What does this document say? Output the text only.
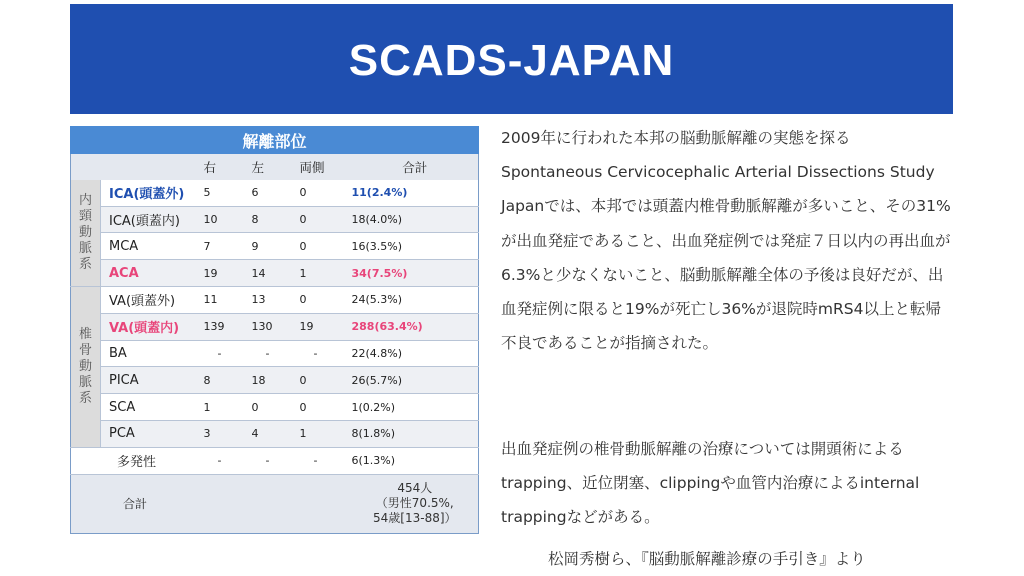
SCADS-JAPAN
解離部位					
		右	左	両側	合計

内
頸
動
脈
系	ICA(頭蓋外)	5	6	0	11(2.4%)
	ICA(頭蓋内)	10	8	0	18(4.0%)
	MCA	7	9	0	16(3.5%)
	ACA	19	14	1	34(7.5%)

椎
骨
動
脈
系	VA(頭蓋外)	11	13	0	24(5.3%)
	VA(頭蓋内)	139	130	19	288(63.4%)
	BA	-	-	-	22(4.8%)
	PICA	8	18	0	26(5.7%)
	SCA	1	0	0	1(0.2%)
	PCA	3	4	1	8(1.8%)
多発性		-	-	-	6(1.3%)
合計					454人
（男性70.5%,
54歳[13-88]）

2009年に行われた本邦の脳動脈解離の実態を探るSpontaneous Cervicocephalic Arterial Dissections Study Japanでは、本邦では頭蓋内椎骨動脈解離が多いこと、その31%が出血発症であること、出血発症例では発症７日以内の再出血が6.3%と少なくないこと、脳動脈解離全体の予後は良好だが、出血発症例に限ると19%が死亡し36%が退院時mRS4以上と転帰不良であることが指摘された。

出血発症例の椎骨動脈解離の治療については開頭術によるtrapping、近位閉塞、clippingや血管内治療によるinternal trappingなどがある。

松岡秀樹ら、『脳動脈解離診療の手引き』より
